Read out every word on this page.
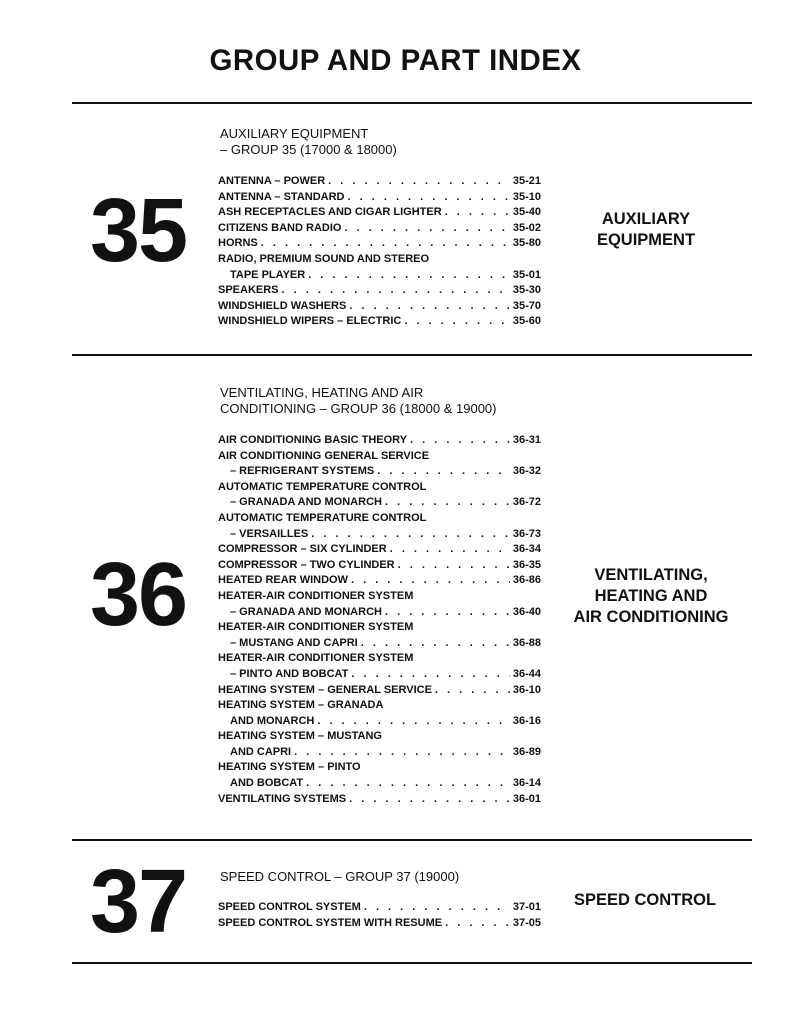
GROUP AND PART INDEX
35
AUXILIARY EQUIPMENT
– GROUP 35 (17000 & 18000)
ANTENNA – POWER . . .	35-21
ANTENNA – STANDARD . . .	35-10
ASH RECEPTACLES AND CIGAR LIGHTER . . .	35-40
CITIZENS BAND RADIO . . .	35-02
HORNS . . .	35-80
RADIO, PREMIUM SOUND AND STEREO
TAPE PLAYER . . .	35-01
SPEAKERS . . .	35-30
WINDSHIELD WASHERS . . .	35-70
WINDSHIELD WIPERS – ELECTRIC . . .	35-60
AUXILIARY
EQUIPMENT
36
VENTILATING, HEATING AND AIR
CONDITIONING – GROUP 36 (18000 & 19000)
AIR CONDITIONING BASIC THEORY . . .	36-31
AIR CONDITIONING GENERAL SERVICE
– REFRIGERANT SYSTEMS . . .	36-32
AUTOMATIC TEMPERATURE CONTROL
– GRANADA AND MONARCH . . .	36-72
AUTOMATIC TEMPERATURE CONTROL
– VERSAILLES . . .	36-73
COMPRESSOR – SIX CYLINDER . . .	36-34
COMPRESSOR – TWO CYLINDER . . .	36-35
HEATED REAR WINDOW . . .	36-86
HEATER-AIR CONDITIONER SYSTEM
– GRANADA AND MONARCH . . .	36-40
HEATER-AIR CONDITIONER SYSTEM
– MUSTANG AND CAPRI . . .	36-88
HEATER-AIR CONDITIONER SYSTEM
– PINTO AND BOBCAT . . .	36-44
HEATING SYSTEM – GENERAL SERVICE . . .	36-10
HEATING SYSTEM – GRANADA
AND MONARCH . . .	36-16
HEATING SYSTEM – MUSTANG
AND CAPRI . . .	36-89
HEATING SYSTEM – PINTO
AND BOBCAT . . .	36-14
VENTILATING SYSTEMS . . .	36-01
VENTILATING,
HEATING AND
AIR CONDITIONING
37	SPEED CONTROL – GROUP 37 (19000)
SPEED CONTROL SYSTEM . . .	37-01
SPEED CONTROL SYSTEM WITH RESUME . . .	37-05
SPEED CONTROL
